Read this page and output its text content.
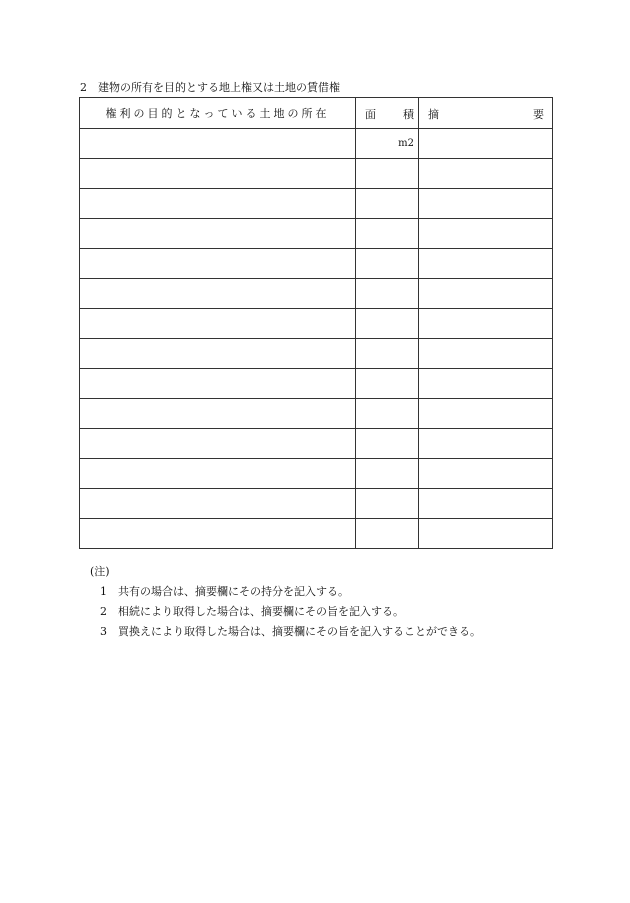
2 建物の所有を目的とする地上権又は土地の賃借権
権利の目的となっている土地の所在	面 積	摘 要

	m2	

(注)
1 共有の場合は、摘要欄にその持分を記入する。
2 相続により取得した場合は、摘要欄にその旨を記入する。
3 買換えにより取得した場合は、摘要欄にその旨を記入することができる。
